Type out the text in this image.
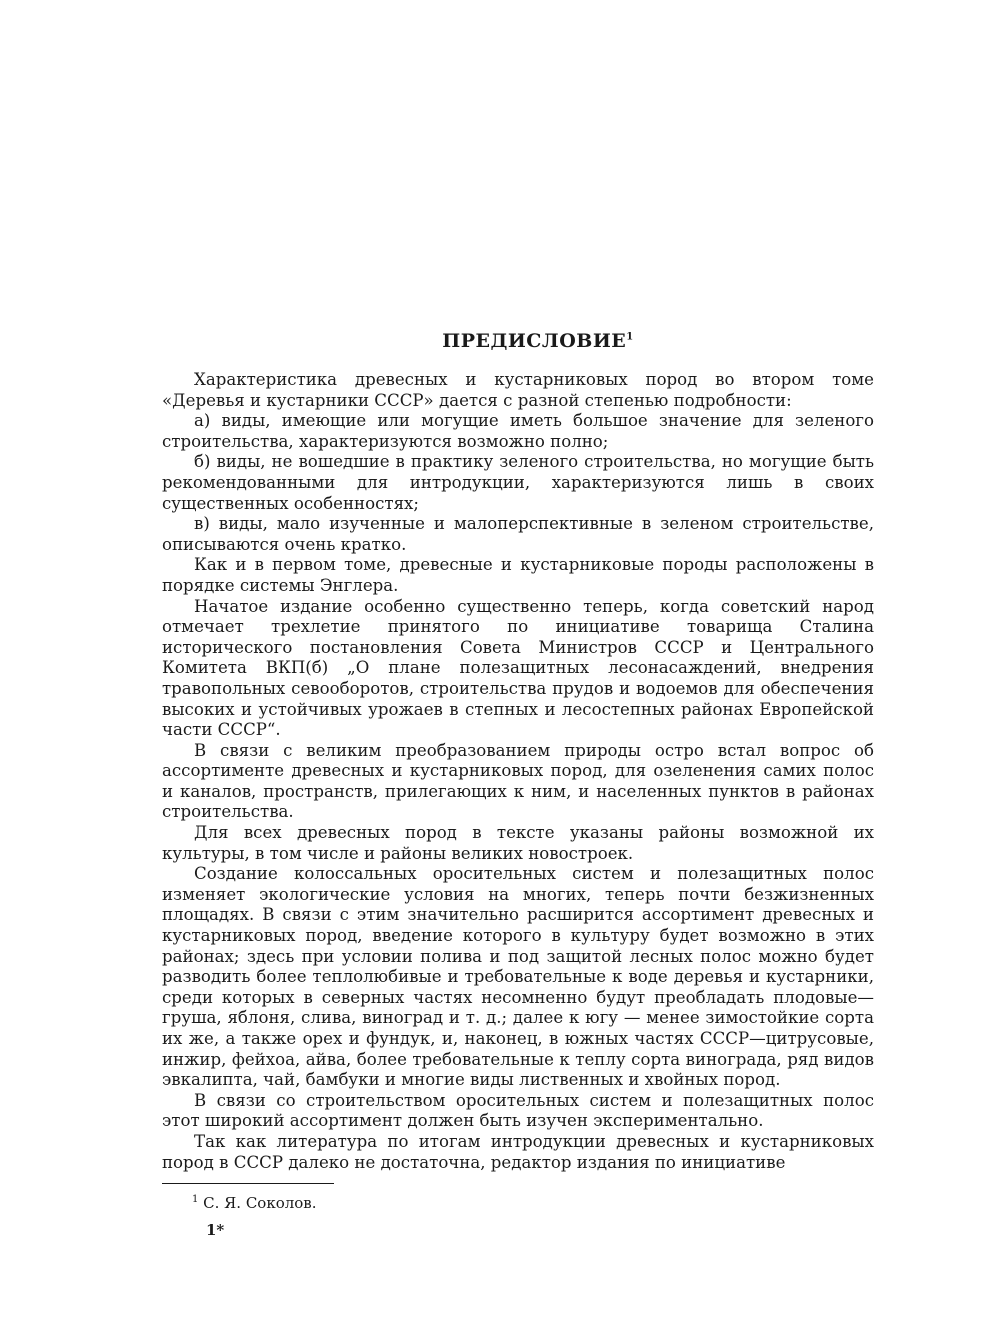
ПРЕДИСЛОВИЕ$^1$

Характеристика древесных и кустарниковых пород во втором томе «Деревья и кустарники СССР» дается с разной степенью подробности:

а) виды, имеющие или могущие иметь большое значение для зеленого строительства, характеризуются возможно полно;

б) виды, не вошедшие в практику зеленого строительства, но могущие быть рекомендованными для интродукции, характеризуются лишь в своих существенных особенностях;

в) виды, мало изученные и малоперспективные в зеленом строительстве, описываются очень кратко.

Как и в первом томе, древесные и кустарниковые породы расположены в порядке системы Энглера.

Начатое издание особенно существенно теперь, когда советский народ отмечает трехлетие принятого по инициативе товарища Сталина исторического постановления Совета Министров СССР и Центрального Комитета ВКП(б) „О плане полезащитных лесонасаждений, внедрения травопольных севооборотов, строительства прудов и водоемов для обеспечения высоких и устойчивых урожаев в степных и лесостепных районах Европейской части СССР“.

В связи с великим преобразованием природы остро встал вопрос об ассортименте древесных и кустарниковых пород, для озеленения самих полос и каналов, пространств, прилегающих к ним, и населенных пунктов в районах строительства.

Для всех древесных пород в тексте указаны районы возможной их культуры, в том числе и районы великих новостроек.

Создание колоссальных оросительных систем и полезащитных полос изменяет экологические условия на многих, теперь почти безжизненных площадях. В связи с этим значительно расширится ассортимент древесных и кустарниковых пород, введение которого в культуру будет возможно в этих районах; здесь при условии полива и под защитой лесных полос можно будет разводить более теплолюбивые и требовательные к воде деревья и кустарники, среди которых в северных частях несомненно будут преобладать плодовые—груша, яблоня, слива, виноград и т. д.; далее к югу — менее зимостойкие сорта их же, а также орех и фундук, и, наконец, в южных частях СССР—цитрусовые, инжир, фейхоа, айва, более требовательные к теплу сорта винограда, ряд видов эвкалипта, чай, бамбуки и многие виды лиственных и хвойных пород.

В связи со строительством оросительных систем и полезащитных полос этот широкий ассортимент должен быть изучен экспериментально.

Так как литература по итогам интродукции древесных и кустарниковых пород в СССР далеко не достаточна, редактор издания по инициативе

$^1$ С. Я. Соколов.
1*
